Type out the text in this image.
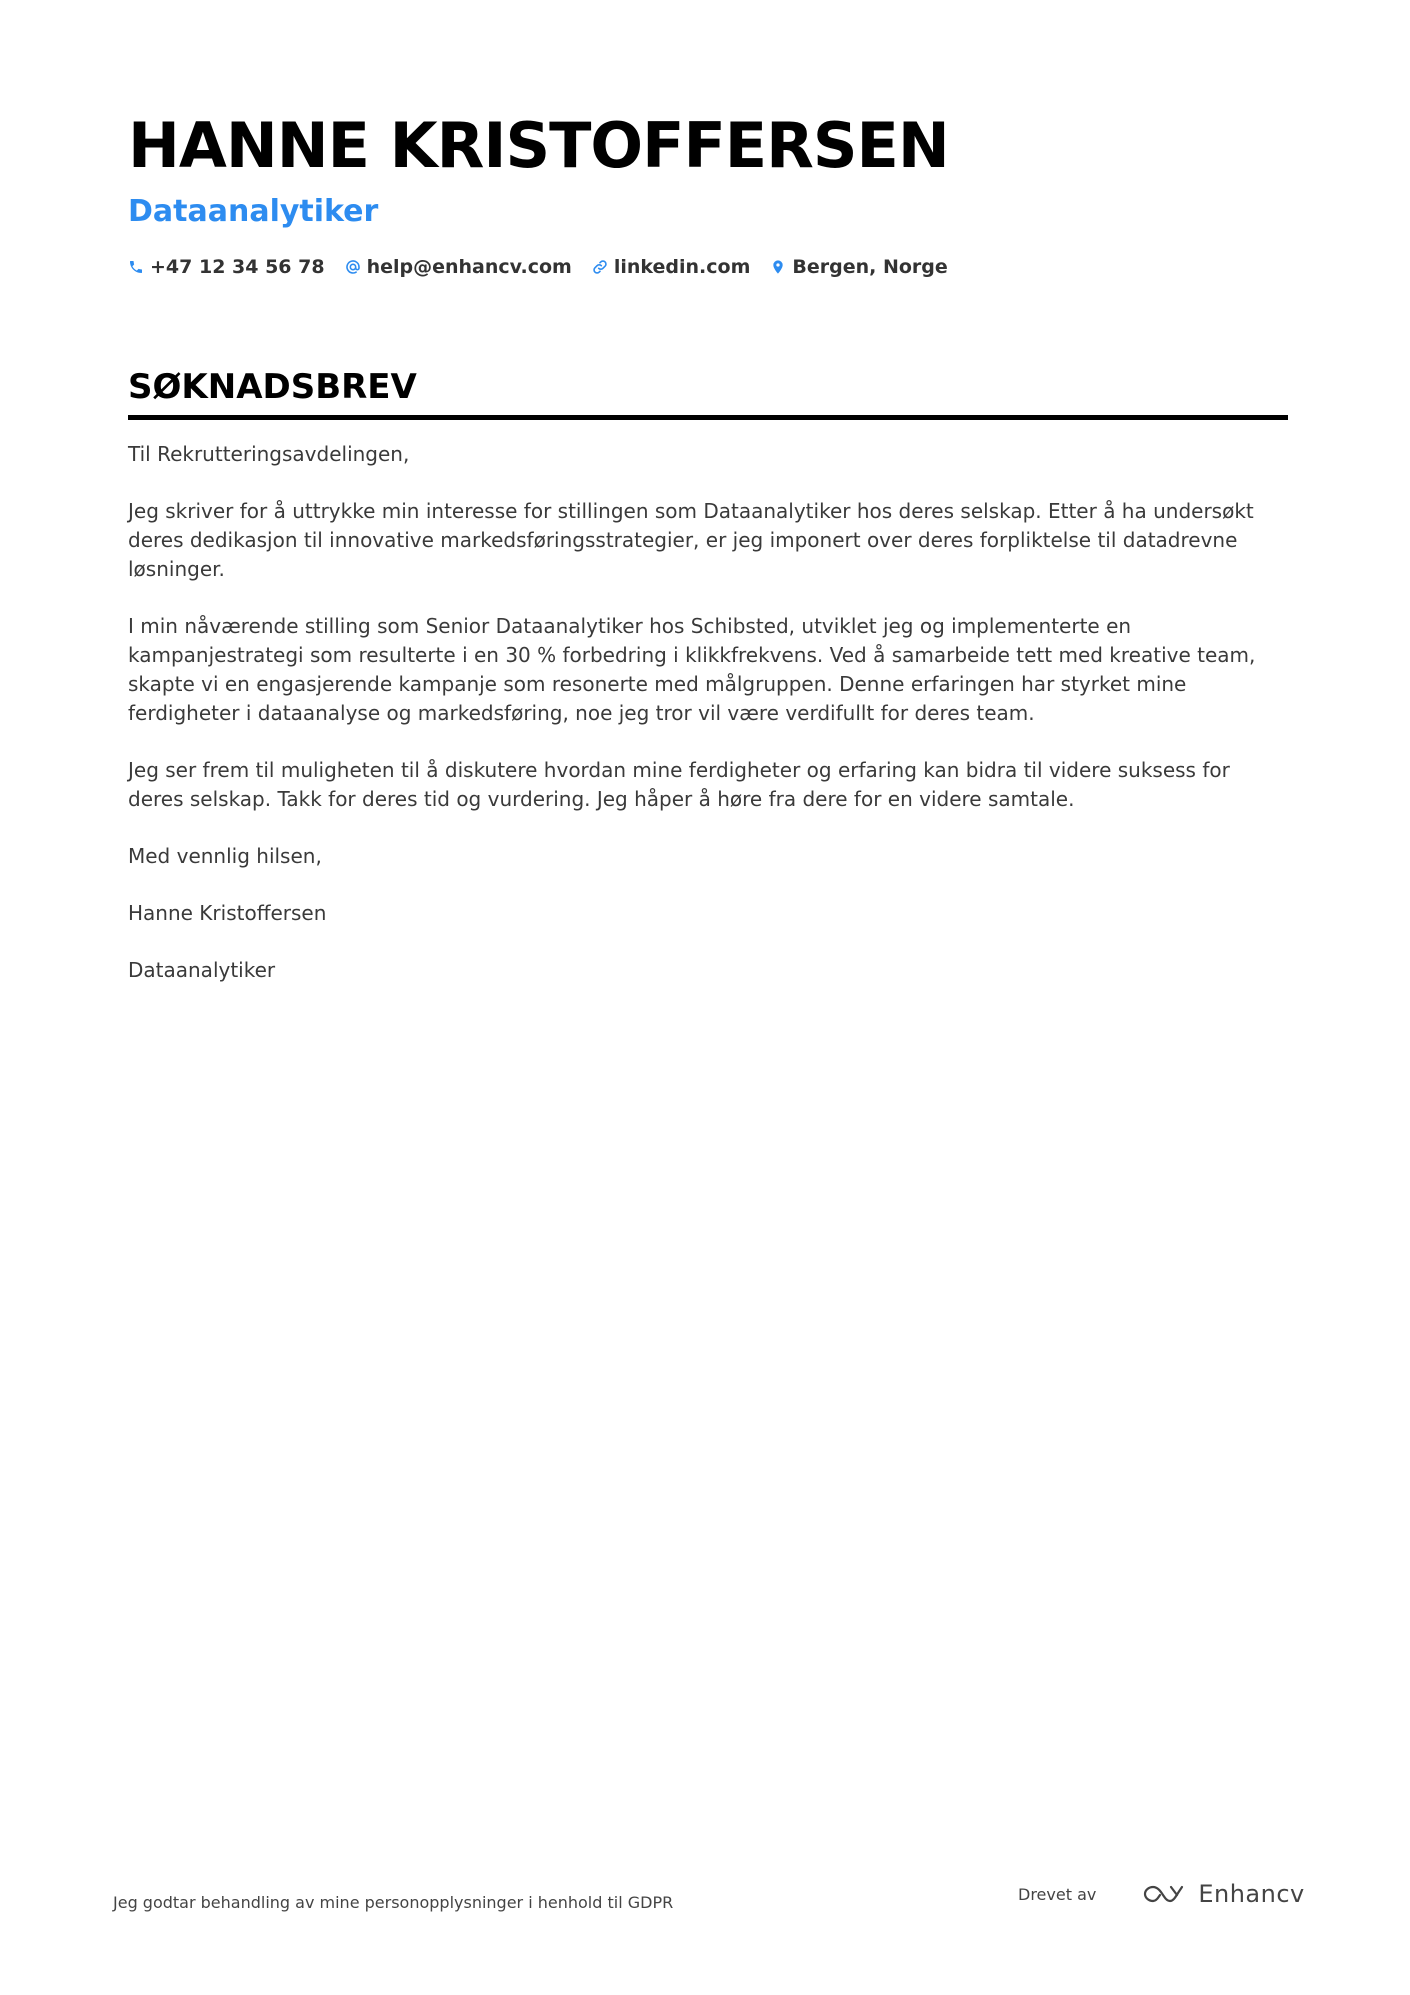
HANNE KRISTOFFERSEN
Dataanalytiker
+47 12 34 56 78 help@enhancv.com linkedin.com Bergen, Norge
SØKNADSBREV

Til Rekrutteringsavdelingen,

Jeg skriver for å uttrykke min interesse for stillingen som Dataanalytiker hos deres selskap. Etter å ha undersøkt deres dedikasjon til innovative markedsføringsstrategier, er jeg imponert over deres forpliktelse til datadrevne løsninger.

I min nåværende stilling som Senior Dataanalytiker hos Schibsted, utviklet jeg og implementerte en kampanjestrategi som resulterte i en 30 % forbedring i klikkfrekvens. Ved å samarbeide tett med kreative team, skapte vi en engasjerende kampanje som resonerte med målgruppen. Denne erfaringen har styrket mine ferdigheter i dataanalyse og markedsføring, noe jeg tror vil være verdifullt for deres team.

Jeg ser frem til muligheten til å diskutere hvordan mine ferdigheter og erfaring kan bidra til videre suksess for deres selskap. Takk for deres tid og vurdering. Jeg håper å høre fra dere for en videre samtale.

Med vennlig hilsen,

Hanne Kristoffersen

Dataanalytiker

Jeg godtar behandling av mine personopplysninger i henhold til GDPR	Drevet av	Enhancv
